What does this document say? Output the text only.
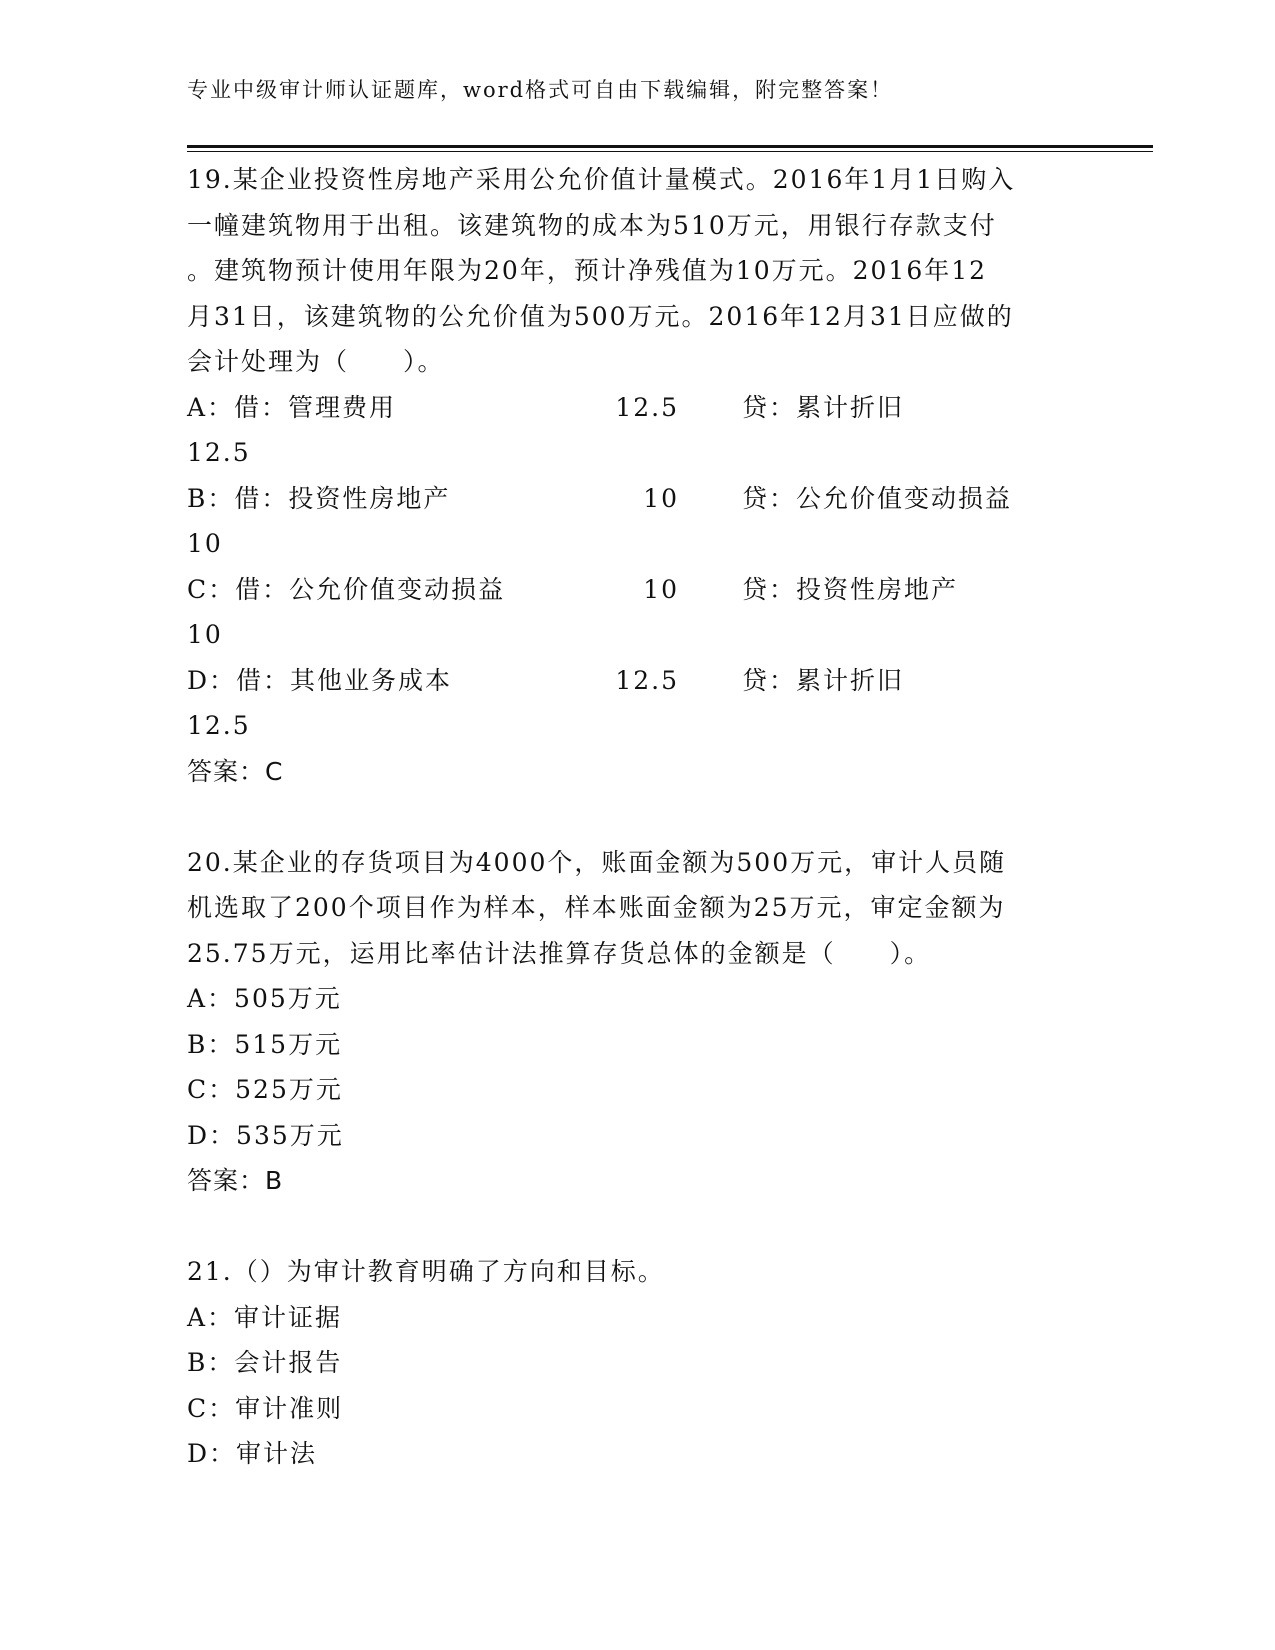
专业中级审计师认证题库，word格式可自由下载编辑，附完整答案！
19.某企业投资性房地产采用公允价值计量模式。2016年1月1日购入
一幢建筑物用于出租。该建筑物的成本为510万元，用银行存款支付
。建筑物预计使用年限为20年，预计净残值为10万元。2016年12
月31日，该建筑物的公允价值为500万元。2016年12月31日应做的
会计处理为（　　）。
A：借：管理费用	12.5	贷：累计折旧
12.5
B：借：投资性房地产	10	贷：公允价值变动损益
10
C：借：公允价值变动损益	10	贷：投资性房地产
10
D：借：其他业务成本	12.5	贷：累计折旧
12.5
答案：C
20.某企业的存货项目为4000个，账面金额为500万元，审计人员随
机选取了200个项目作为样本，样本账面金额为25万元，审定金额为
25.75万元，运用比率估计法推算存货总体的金额是（　　）。
A：505万元
B：515万元
C：525万元
D：535万元
答案：B
21.（）为审计教育明确了方向和目标。
A：审计证据
B：会计报告
C：审计准则
D：审计法
